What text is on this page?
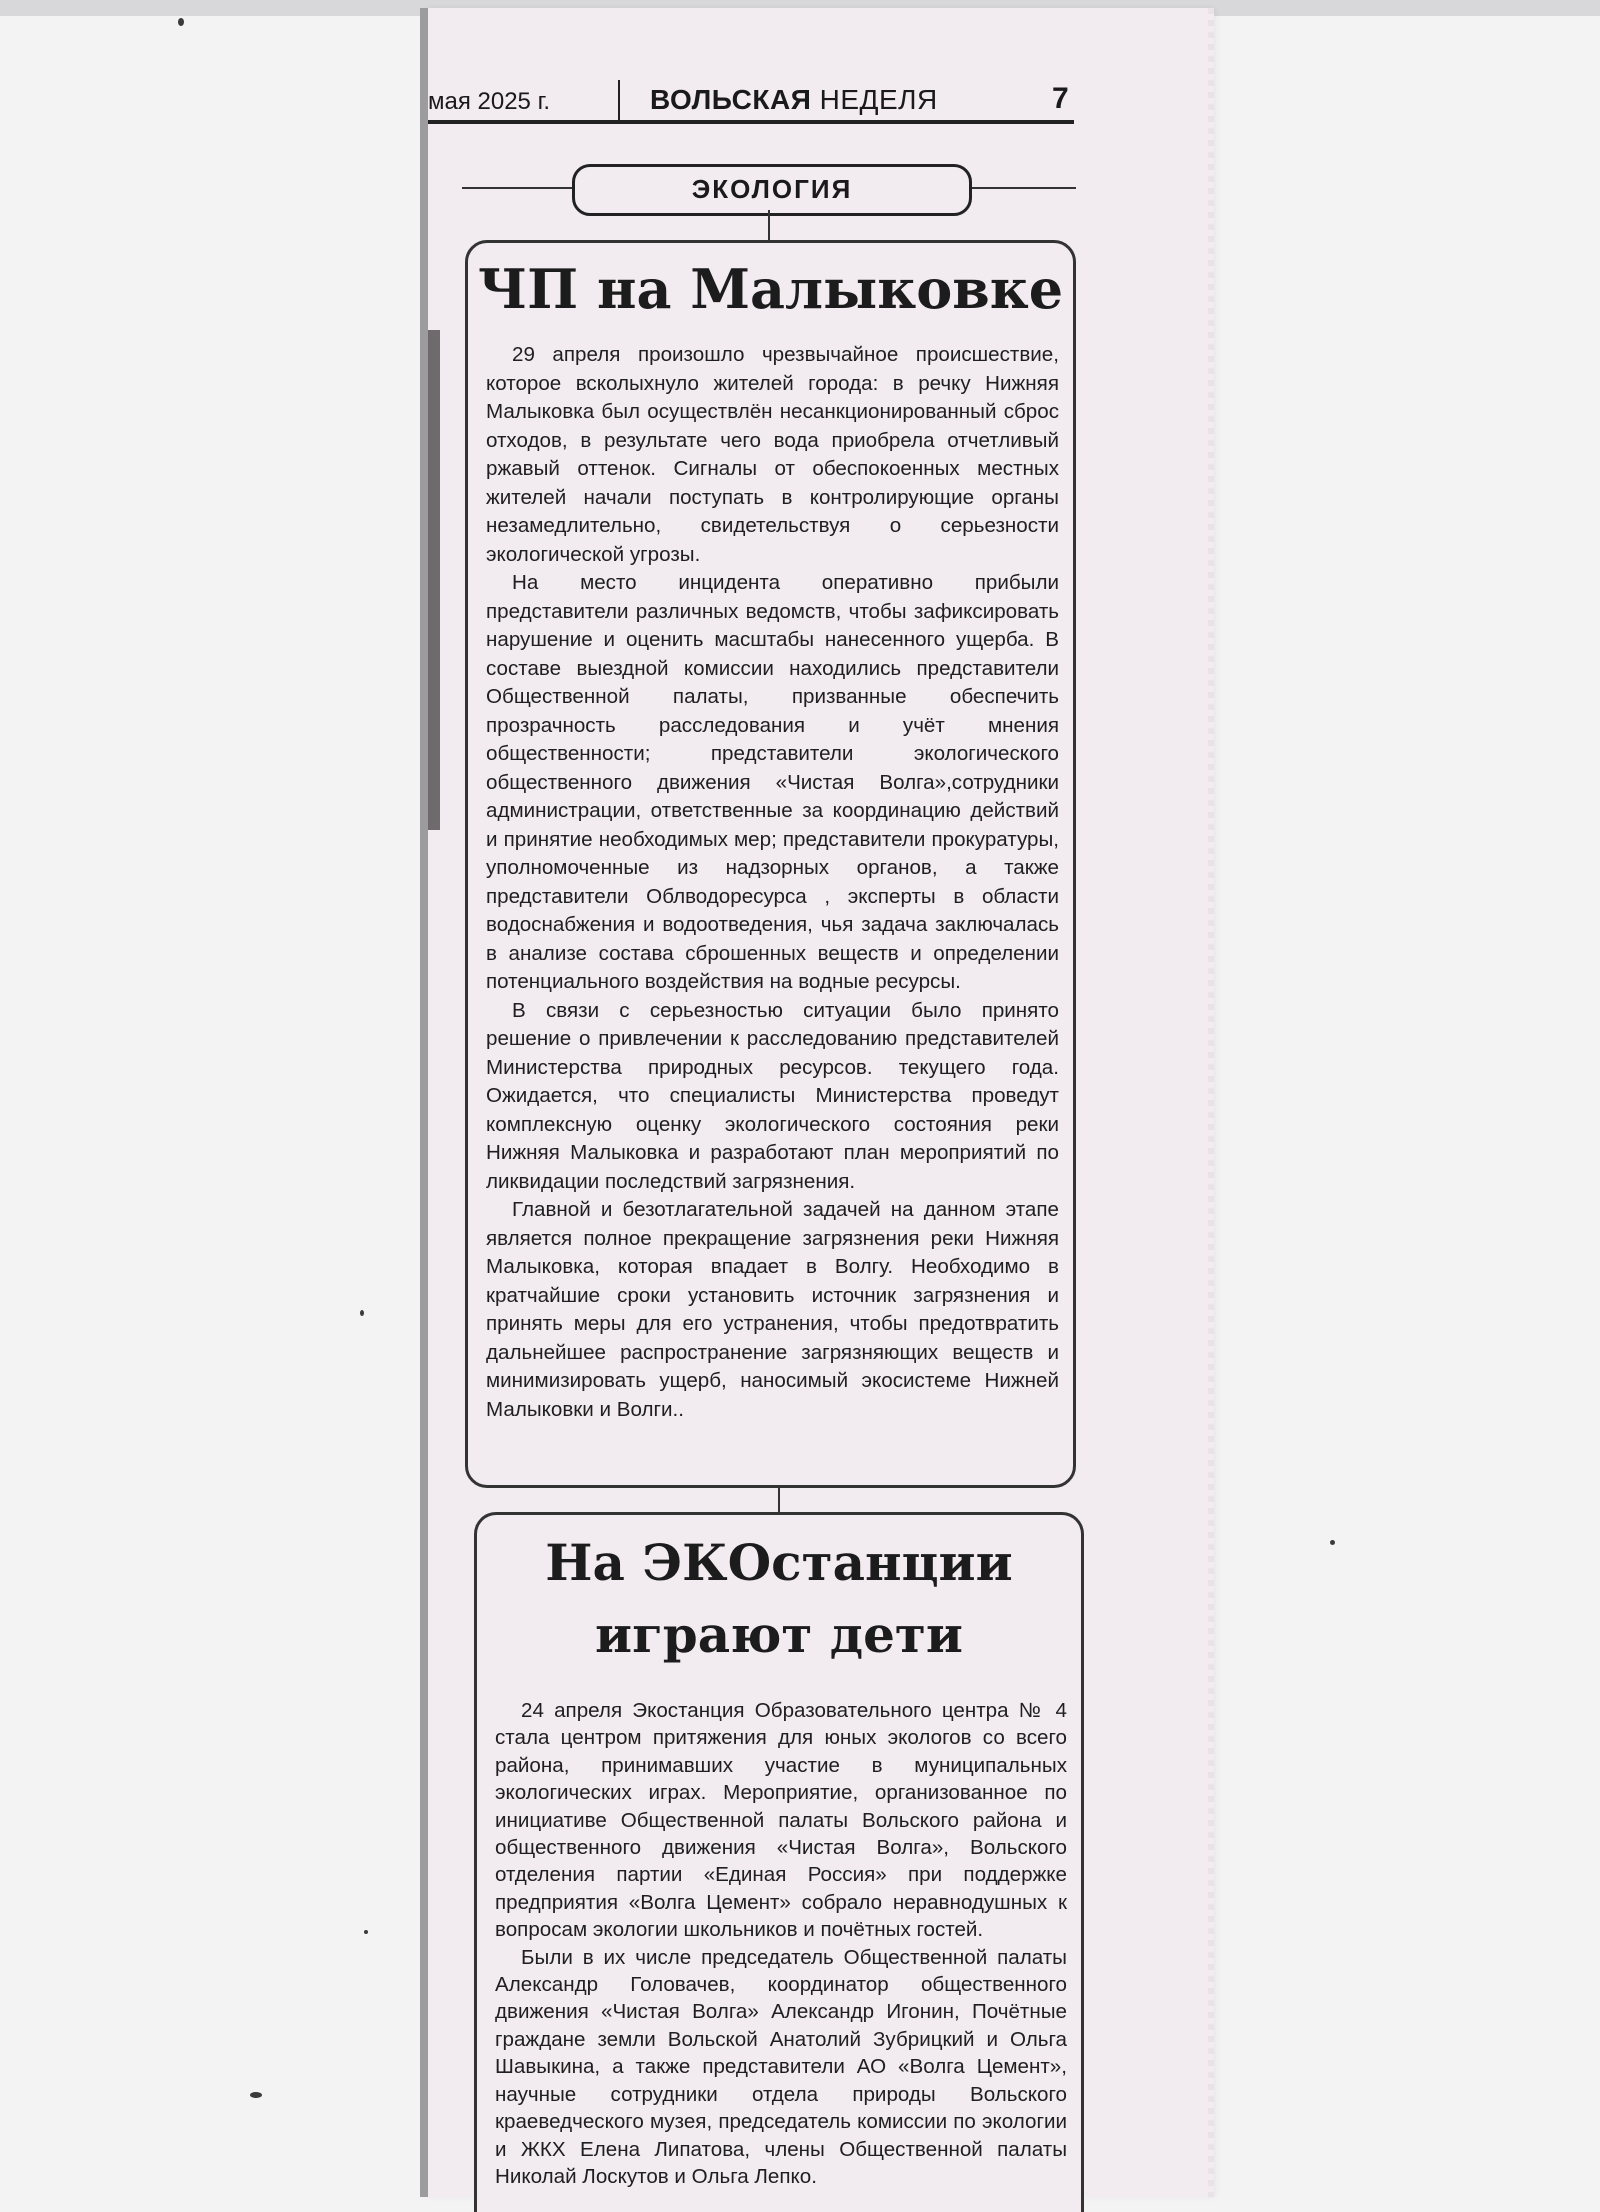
мая 2025 г.	ВОЛЬСКАЯ НЕДЕЛЯ	7
ЭКОЛОГИЯ
ЧП на Малыковке

29 апреля произошло чрезвычайное происшествие, которое всколыхнуло жителей города: в речку Нижняя Малыковка был осуществлён несанкционированный сброс отходов, в результате чего вода приобрела отчетливый ржавый оттенок. Сигналы от обеспокоенных местных жителей начали поступать в контролирующие органы незамедлительно, свидетельствуя о серьезности экологической угрозы.

На место инцидента оперативно прибыли представители различных ведомств, чтобы зафиксировать нарушение и оценить масштабы нанесенного ущерба. В составе выездной комиссии находились представители Общественной палаты, призванные обеспечить прозрачность расследования и учёт мнения общественности; представители экологического общественного движения «Чистая Волга»,сотрудники администрации, ответственные за координацию действий и принятие необходимых мер; представители прокуратуры, уполномоченные из надзорных органов, а также представители Облводоресурса , эксперты в области водоснабжения и водоотведения, чья задача заключалась в анализе состава сброшенных веществ и определении потенциального воздействия на водные ресурсы.

В связи с серьезностью ситуации было принято решение о привлечении к расследованию представителей Министерства природных ресурсов. текущего года. Ожидается, что специалисты Министерства проведут комплексную оценку экологического состояния реки Нижняя Малыковка и разработают план мероприятий по ликвидации последствий загрязнения.

Главной и безотлагательной задачей на данном этапе является полное прекращение загрязнения реки Нижняя Малыковка, которая впадает в Волгу. Необходимо в кратчайшие сроки установить источник загрязнения и принять меры для его устранения, чтобы предотвратить дальнейшее распространение загрязняющих веществ и минимизировать ущерб, наносимый экосистеме Нижней Малыковки и Волги..

На ЭКОстанции
играют дети

24 апреля Экостанция Образовательного центра № 4 стала центром притяжения для юных экологов со всего района, принимавших участие в муниципальных экологических играх. Мероприятие, организованное по инициативе Общественной палаты Вольского района и общественного движения «Чистая Волга», Вольского отделения партии «Единая Россия» при поддержке предприятия «Волга Цемент» собрало неравнодушных к вопросам экологии школьников и почётных гостей.

Были в их числе председатель Общественной палаты Александр Головачев, координатор общественного движения «Чистая Волга» Александр Игонин, Почётные граждане земли Вольской Анатолий Зубрицкий и Ольга Шавыкина, а также представители АО «Волга Цемент», научные сотрудники отдела природы Вольского краеведческого музея, председатель комиссии по экологии и ЖКХ Елена Липатова, члены Общественной палаты Николай Лоскутов и Ольга Лепко.
